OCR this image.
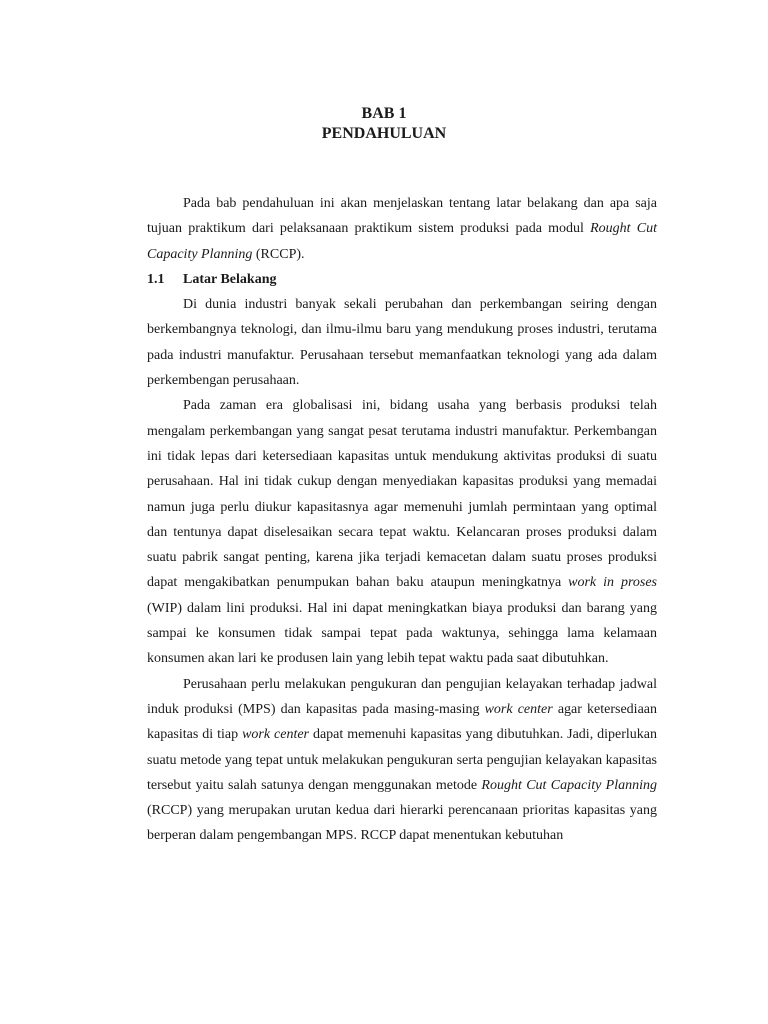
BAB 1
PENDAHULUAN

Pada bab pendahuluan ini akan menjelaskan tentang latar belakang dan apa saja tujuan praktikum dari pelaksanaan praktikum sistem produksi pada modul Rought Cut Capacity Planning (RCCP).

1.1	Latar Belakang

Di dunia industri banyak sekali perubahan dan perkembangan seiring dengan berkembangnya teknologi, dan ilmu-ilmu baru yang mendukung proses industri, terutama pada industri manufaktur. Perusahaan tersebut memanfaatkan teknologi yang ada dalam perkembengan perusahaan.

Pada zaman era globalisasi ini, bidang usaha yang berbasis produksi telah mengalam perkembangan yang sangat pesat terutama industri manufaktur. Perkembangan ini tidak lepas dari ketersediaan kapasitas untuk mendukung aktivitas produksi di suatu perusahaan. Hal ini tidak cukup dengan menyediakan kapasitas produksi yang memadai namun juga perlu diukur kapasitasnya agar memenuhi jumlah permintaan yang optimal dan tentunya dapat diselesaikan secara tepat waktu. Kelancaran proses produksi dalam suatu pabrik sangat penting, karena jika terjadi kemacetan dalam suatu proses produksi dapat mengakibatkan penumpukan bahan baku ataupun meningkatnya work in proses (WIP) dalam lini produksi. Hal ini dapat meningkatkan biaya produksi dan barang yang sampai ke konsumen tidak sampai tepat pada waktunya, sehingga lama kelamaan konsumen akan lari ke produsen lain yang lebih tepat waktu pada saat dibutuhkan.

Perusahaan perlu melakukan pengukuran dan pengujian kelayakan terhadap jadwal induk produksi (MPS) dan kapasitas pada masing-masing work center agar ketersediaan kapasitas di tiap work center dapat memenuhi kapasitas yang dibutuhkan. Jadi, diperlukan suatu metode yang tepat untuk melakukan pengukuran serta pengujian kelayakan kapasitas tersebut yaitu salah satunya dengan menggunakan metode Rought Cut Capacity Planning (RCCP) yang merupakan urutan kedua dari hierarki perencanaan prioritas kapasitas yang berperan dalam pengembangan MPS. RCCP dapat menentukan kebutuhan
